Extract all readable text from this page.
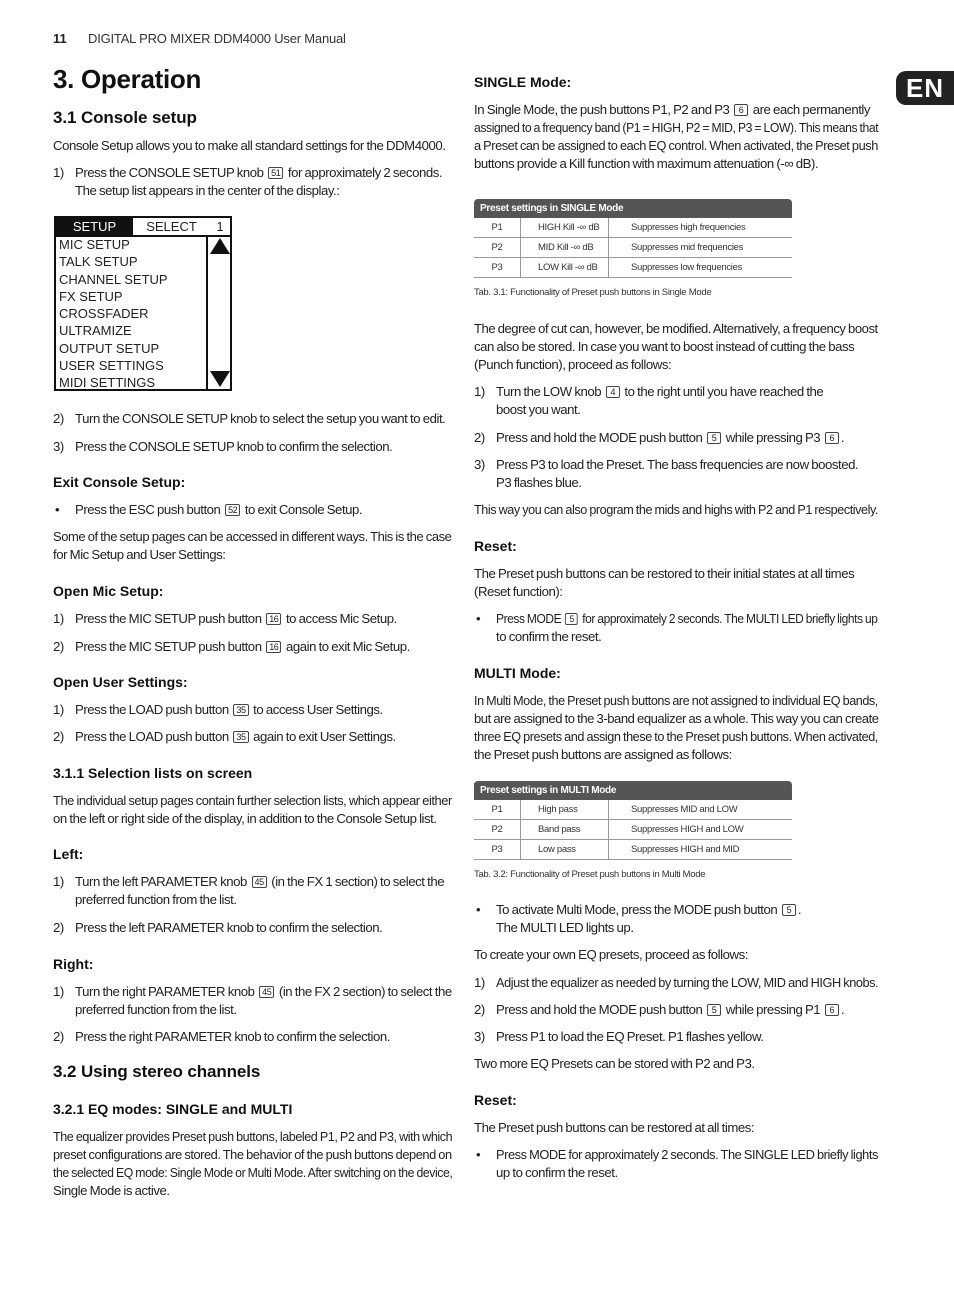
11 DIGITAL PRO MIXER DDM4000 User Manual
EN
3. Operation
3.1 Console setup
Console Setup allows you to make all standard settings for the DDM4000.
1) Press the CONSOLE SETUP knob 51 for approximately 2 seconds.
The setup list appears in the center of the display.:
SETUP	SELECT	1
MIC SETUP
TALK SETUP
CHANNEL SETUP
FX SETUP
CROSSFADER
ULTRAMIZE
OUTPUT SETUP
USER SETTINGS
MIDI SETTINGS
2) Turn the CONSOLE SETUP knob to select the setup you want to edit.
3) Press the CONSOLE SETUP knob to confirm the selection.
Exit Console Setup:
• Press the ESC push button 52 to exit Console Setup.
Some of the setup pages can be accessed in different ways. This is the case
for Mic Setup and User Settings:
Open Mic Setup:
1) Press the MIC SETUP push button 16 to access Mic Setup.
2) Press the MIC SETUP push button 16 again to exit Mic Setup.
Open User Settings:
1) Press the LOAD push button 35 to access User Settings.
2) Press the LOAD push button 35 again to exit User Settings.
3.1.1 Selection lists on screen
The individual setup pages contain further selection lists, which appear either
on the left or right side of the display, in addition to the Console Setup list.
Left:
1) Turn the left PARAMETER knob 45 (in the FX 1 section) to select the
preferred function from the list.
2) Press the left PARAMETER knob to confirm the selection.
Right:
1) Turn the right PARAMETER knob 45 (in the FX 2 section) to select the
preferred function from the list.
2) Press the right PARAMETER knob to confirm the selection.
3.2 Using stereo channels
3.2.1 EQ modes: SINGLE and MULTI
The equalizer provides Preset push buttons, labeled P1, P2 and P3, with which
preset configurations are stored. The behavior of the push buttons depend on
the selected EQ mode: Single Mode or Multi Mode. After switching on the device,
Single Mode is active.
SINGLE Mode:
In Single Mode, the push buttons P1, P2 and P3 6 are each permanently
assigned to a frequency band (P1 = HIGH, P2 = MID, P3 = LOW). This means that
a Preset can be assigned to each EQ control. When activated, the Preset push
buttons provide a Kill function with maximum attenuation (-∞ dB).
Preset settings in SINGLE Mode
P1	HIGH Kill -∞ dB	Suppresses high frequencies
P2	MID Kill -∞ dB	Suppresses mid frequencies
P3	LOW Kill -∞ dB	Suppresses low frequencies
Tab. 3.1: Functionality of Preset push buttons in Single Mode
The degree of cut can, however, be modified. Alternatively, a frequency boost
can also be stored. In case you want to boost instead of cutting the bass
(Punch function), proceed as follows:
1) Turn the LOW knob 4 to the right until you have reached the
boost you want.
2) Press and hold the MODE push button 5 while pressing P3 6 .
3) Press P3 to load the Preset. The bass frequencies are now boosted.
P3 flashes blue.
This way you can also program the mids and highs with P2 and P1 respectively.
Reset:
The Preset push buttons can be restored to their initial states at all times
(Reset function):
• Press MODE 5 for approximately 2 seconds. The MULTI LED briefly lights up
to confirm the reset.
MULTI Mode:
In Multi Mode, the Preset push buttons are not assigned to individual EQ bands,
but are assigned to the 3-band equalizer as a whole. This way you can create
three EQ presets and assign these to the Preset push buttons. When activated,
the Preset push buttons are assigned as follows:
Preset settings in MULTI Mode
P1	High pass	Suppresses MID and LOW
P2	Band pass	Suppresses HIGH and LOW
P3	Low pass	Suppresses HIGH and MID
Tab. 3.2: Functionality of Preset push buttons in Multi Mode
• To activate Multi Mode, press the MODE push button 5 .
The MULTI LED lights up.
To create your own EQ presets, proceed as follows:
1) Adjust the equalizer as needed by turning the LOW, MID and HIGH knobs.
2) Press and hold the MODE push button 5 while pressing P1 6 .
3) Press P1 to load the EQ Preset. P1 flashes yellow.
Two more EQ Presets can be stored with P2 and P3.
Reset:
The Preset push buttons can be restored at all times:
• Press MODE for approximately 2 seconds. The SINGLE LED briefly lights
up to confirm the reset.
